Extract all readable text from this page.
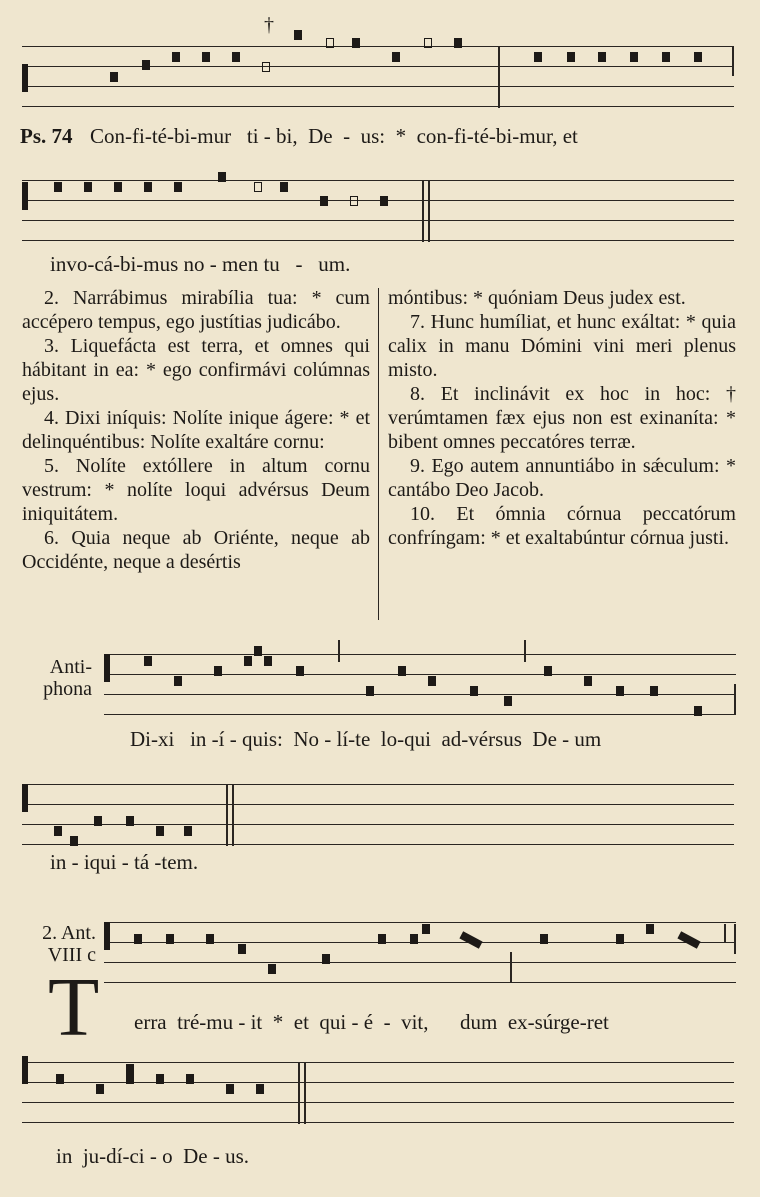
†
Ps. 74 Con-fi-té-bi-mur   ti - bi,  De  -  us:  *  con-fi-té-bi-mur, et
invo-cá-bi-mus no - men tu   -   um.

2. Narrábimus mirabília tua: * cum accépero tempus, ego justítias judicábo.

3. Liquefácta est terra, et omnes qui hábitant in ea: * ego confirmávi colúmnas ejus.

4. Dixi iníquis: Nolíte inique ágere: * et delinquéntibus: Nolíte exaltáre cornu:

5. Nolíte extóllere in altum cornu vestrum: * nolíte loqui advérsus Deum iniquitátem.

6. Quia neque ab Oriénte, neque ab Occidénte, neque a desértis

móntibus: * quóniam Deus judex est.

7. Hunc humíliat, et hunc exáltat: * quia calix in manu Dómini vini meri plenus misto.

8. Et inclinávit ex hoc in hoc: † verúmtamen fæx ejus non est exinaníta: * bibent omnes peccatóres terræ.

9. Ego autem annuntiábo in sǽculum: * cantábo Deo Jacob.

10. Et ómnia córnua peccatórum confríngam: * et exaltabúntur córnua justi.

Anti-
phona
Di-xi   in -í - quis:  No - lí-te  lo-qui  ad-vérsus  De - um
in - iqui - tá -tem.
2. Ant.
VIII c
T erra  tré-mu - it  *  et  qui - é  -  vit,      dum  ex-súrge-ret
in  ju-dí-ci - o  De - us.
